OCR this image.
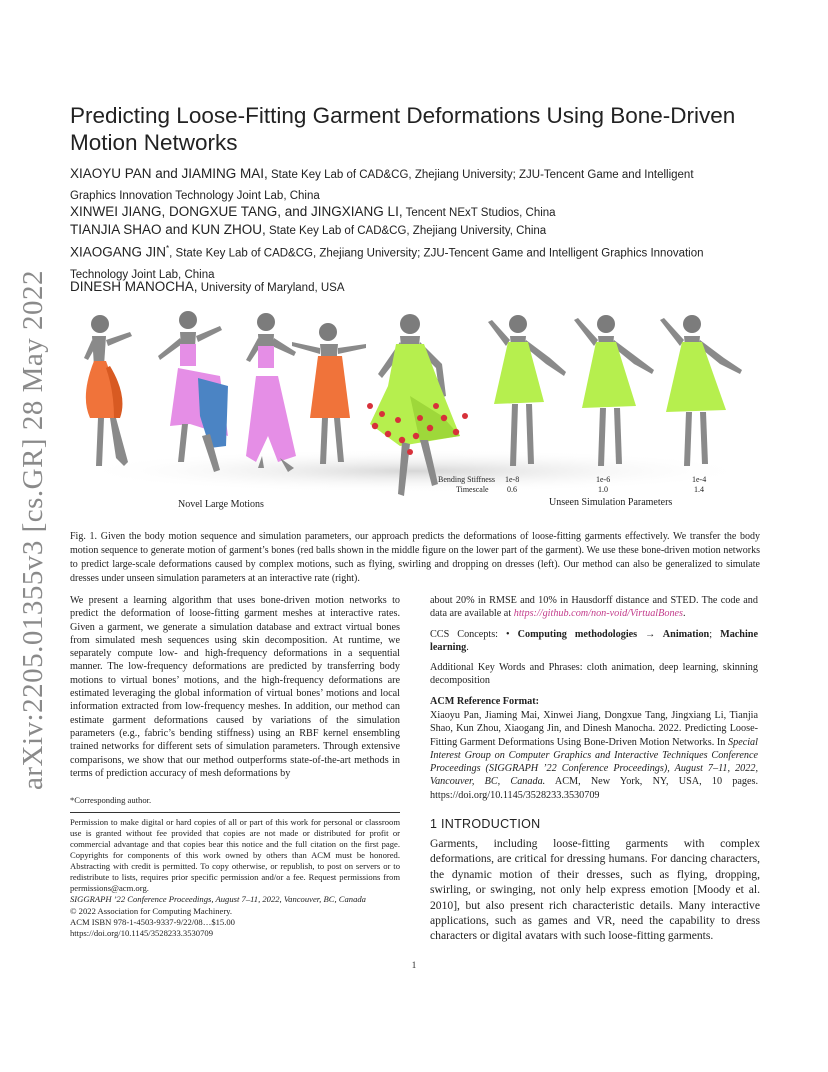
arXiv:2205.01355v3 [cs.GR] 28 May 2022
Predicting Loose-Fitting Garment Deformations Using Bone-Driven Motion Networks
XIAOYU PAN and JIAMING MAI, State Key Lab of CAD&CG, Zhejiang University; ZJU-Tencent Game and Intelligent
Graphics Innovation Technology Joint Lab, China
XINWEI JIANG, DONGXUE TANG, and JINGXIANG LI, Tencent NExT Studios, China
TIANJIA SHAO and KUN ZHOU, State Key Lab of CAD&CG, Zhejiang University, China
XIAOGANG JIN*, State Key Lab of CAD&CG, Zhejiang University; ZJU-Tencent Game and Intelligent Graphics Innovation
Technology Joint Lab, China
DINESH MANOCHA, University of Maryland, USA
Novel Large Motions	Unseen Simulation Parameters
Bending Stiffness
Timescale
1e-8
0.6
1e-6
1.0
1e-4
1.4
Fig. 1. Given the body motion sequence and simulation parameters, our approach predicts the deformations of loose-fitting garments effectively. We transfer the body motion sequence to generate motion of garment’s bones (red balls shown in the middle figure on the lower part of the garment). We use these bone-driven motion networks to predict large-scale deformations caused by complex motions, such as flying, swirling and dropping on dresses (left). Our method can also be generalized to simulate dresses under unseen simulation parameters at an interactive rate (right).
We present a learning algorithm that uses bone-driven motion networks to predict the deformation of loose-fitting garment meshes at interactive rates. Given a garment, we generate a simulation database and extract virtual bones from simulated mesh sequences using skin decomposition. At runtime, we separately compute low- and high-frequency deformations in a sequential manner. The low-frequency deformations are predicted by transferring body motions to virtual bones’ motions, and the high-frequency deformations are estimated leveraging the global information of virtual bones’ motions and local information extracted from low-frequency meshes. In addition, our method can estimate garment deformations caused by variations of the simulation parameters (e.g., fabric’s bending stiffness) using an RBF kernel ensembling trained networks for different sets of simulation parameters. Through extensive comparisons, we show that our method outperforms state-of-the-art methods in terms of prediction accuracy of mesh deformations by
*Corresponding author.
Permission to make digital or hard copies of all or part of this work for personal or classroom use is granted without fee provided that copies are not made or distributed for profit or commercial advantage and that copies bear this notice and the full citation on the first page. Copyrights for components of this work owned by others than ACM must be honored. Abstracting with credit is permitted. To copy otherwise, or republish, to post on servers or to redistribute to lists, requires prior specific permission and/or a fee. Request permissions from permissions@acm.org.
SIGGRAPH ’22 Conference Proceedings, August 7–11, 2022, Vancouver, BC, Canada
© 2022 Association for Computing Machinery.
ACM ISBN 978-1-4503-9337-9/22/08…$15.00
https://doi.org/10.1145/3528233.3530709
about 20% in RMSE and 10% in Hausdorff distance and STED. The code and data are available at https://github.com/non-void/VirtualBones.
CCS Concepts: • Computing methodologies → Animation; Machine learning.
Additional Key Words and Phrases: cloth animation, deep learning, skinning decomposition
ACM Reference Format:
Xiaoyu Pan, Jiaming Mai, Xinwei Jiang, Dongxue Tang, Jingxiang Li, Tianjia Shao, Kun Zhou, Xiaogang Jin, and Dinesh Manocha. 2022. Predicting Loose-Fitting Garment Deformations Using Bone-Driven Motion Networks. In Special Interest Group on Computer Graphics and Interactive Techniques Conference Proceedings (SIGGRAPH ’22 Conference Proceedings), August 7–11, 2022, Vancouver, BC, Canada. ACM, New York, NY, USA, 10 pages. https://doi.org/10.1145/3528233.3530709
1 INTRODUCTION
Garments, including loose-fitting garments with complex deformations, are critical for dressing humans. For dancing characters, the dynamic motion of their dresses, such as flying, dropping, swirling, or swinging, not only help express emotion [Moody et al. 2010], but also present rich characteristic details. Many interactive applications, such as games and VR, need the capability to dress characters or digital avatars with such loose-fitting garments.
1
